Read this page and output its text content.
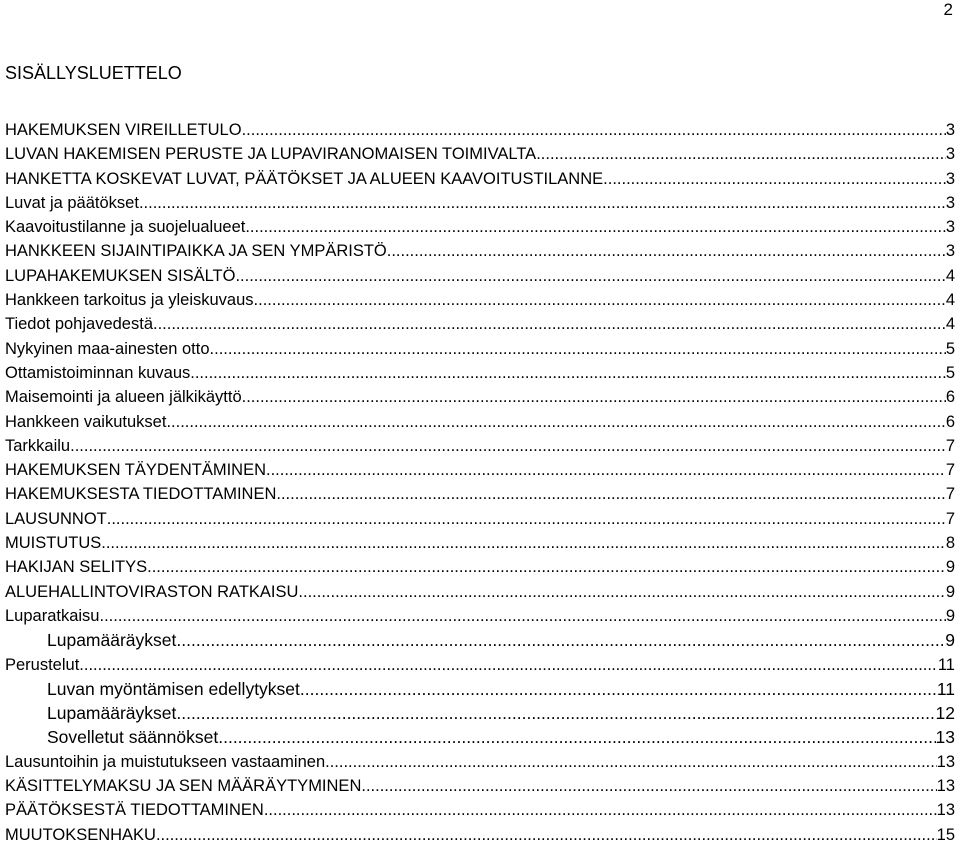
2
SISÄLLYSLUETTELO
HAKEMUKSEN VIREILLETULO .....	3
LUVAN HAKEMISEN PERUSTE JA LUPAVIRANOMAISEN TOIMIVALTA .....	3
HANKETTA KOSKEVAT LUVAT, PÄÄTÖKSET JA ALUEEN KAAVOITUSTILANNE .....	3
Luvat ja päätökset .....	3
Kaavoitustilanne ja suojelualueet .....	3
HANKKEEN SIJAINTIPAIKKA JA SEN YMPÄRISTÖ .....	3
LUPAHAKEMUKSEN SISÄLTÖ .....	4
Hankkeen tarkoitus ja yleiskuvaus .....	4
Tiedot pohjavedestä .....	4
Nykyinen maa-ainesten otto .....	5
Ottamistoiminnan kuvaus .....	5
Maisemointi ja alueen jälkikäyttö .....	6
Hankkeen vaikutukset .....	6
Tarkkailu .....	7
HAKEMUKSEN TÄYDENTÄMINEN .....	7
HAKEMUKSESTA TIEDOTTAMINEN .....	7
LAUSUNNOT .....	7
MUISTUTUS .....	8
HAKIJAN SELITYS .....	9
ALUEHALLINTOVIRASTON RATKAISU .....	9
Luparatkaisu .....	9
Lupamääräykset .....	9
Perustelut .....	11
Luvan myöntämisen edellytykset .....	11
Lupamääräykset .....	12
Sovelletut säännökset .....	13
Lausuntoihin ja muistutukseen vastaaminen .....	13
KÄSITTELYMAKSU JA SEN MÄÄRÄYTYMINEN .....	13
PÄÄTÖKSESTÄ TIEDOTTAMINEN .....	13
MUUTOKSENHAKU .....	15
